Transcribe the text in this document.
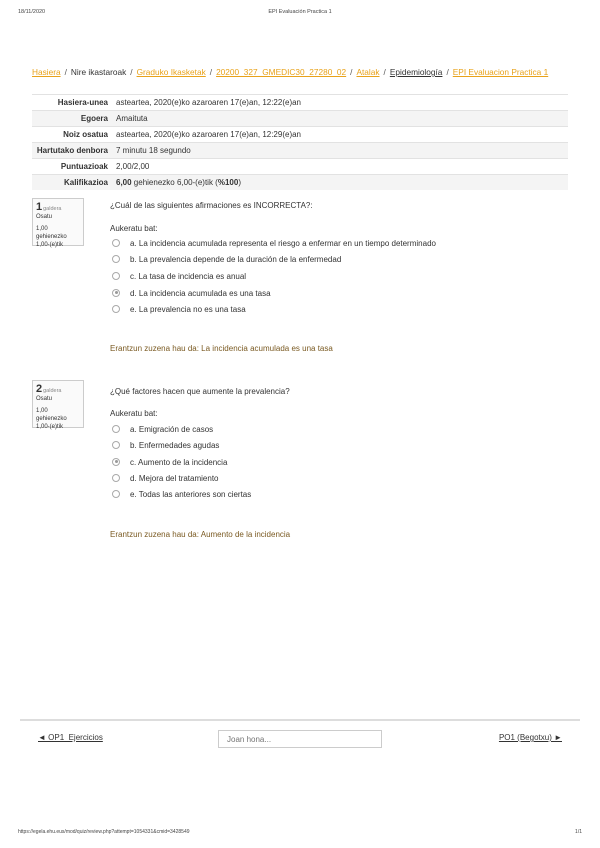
18/11/2020	EPI Evaluación Practica 1
Hasiera / Nire ikastaroak / Graduko Ikasketak / 20200_327_GMEDIC30_27280_02 / Atalak / Epidemiología / EPI Evaluacion Practica 1
Hasiera-unea	asteartea, 2020(e)ko azaroaren 17(e)an, 12:22(e)an
Egoera	Amaituta
Noiz osatua	asteartea, 2020(e)ko azaroaren 17(e)an, 12:29(e)an
Hartutako denbora	7 minutu 18 segundo
Puntuazioak	2,00/2,00
Kalifikazioa	6,00 gehienezko 6,00-(e)tik (%100)
1galdera
Osatu
1,00 gehienezko
1,00-(e)tik
¿Cuál de las siguientes afirmaciones es INCORRECTA?:
Aukeratu bat:
a. La incidencia acumulada representa el riesgo a enfermar en un tiempo determinado
b. La prevalencia depende de la duración de la enfermedad
c. La tasa de incidencia es anual
d. La incidencia acumulada es una tasa
e. La prevalencia no es una tasa
Erantzun zuzena hau da: La incidencia acumulada es una tasa
2galdera
Osatu
1,00 gehienezko
1,00-(e)tik
¿Qué factores hacen que aumente la prevalencia?
Aukeratu bat:
a. Emigración de casos
b. Enfermedades agudas
c. Aumento de la incidencia
d. Mejora del tratamiento
e. Todas las anteriores son ciertas
Erantzun zuzena hau da: Aumento de la incidencia
◄ OP1_Ejercicios
Joan hona...	PO1 (Begotxu) ►
https://egela.ehu.eus/mod/quiz/review.php?attempt=1054331&cmid=3428549	1/1
